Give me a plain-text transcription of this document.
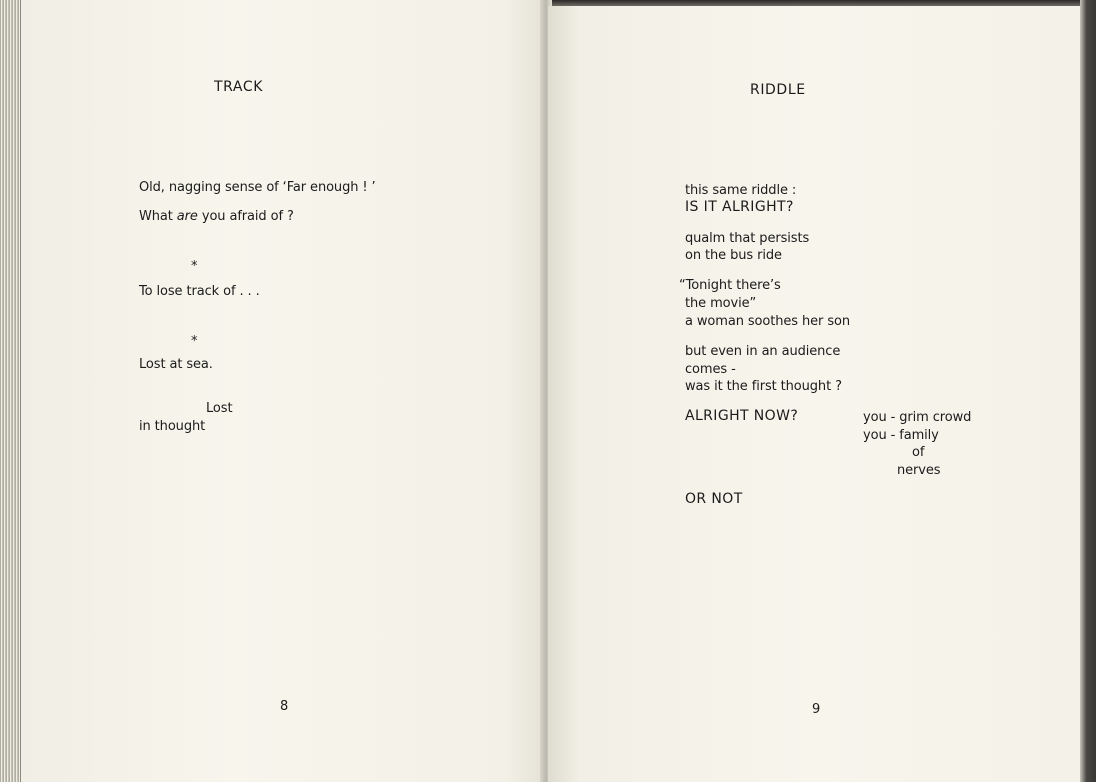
TRACK
Old, nagging sense of ‘Far enough ! ’
What are you afraid of ?
*
To lose track of . . .
*
Lost at sea.
Lost
in thought
8
RIDDLE
this same riddle :
IS IT ALRIGHT?
qualm that persists
on the bus ride
“Tonight there’s
the movie”
a woman soothes her son
but even in an audience
comes -
was it the first thought ?
ALRIGHT NOW?	you - grim crowd
you - family
of
nerves
OR NOT
9
